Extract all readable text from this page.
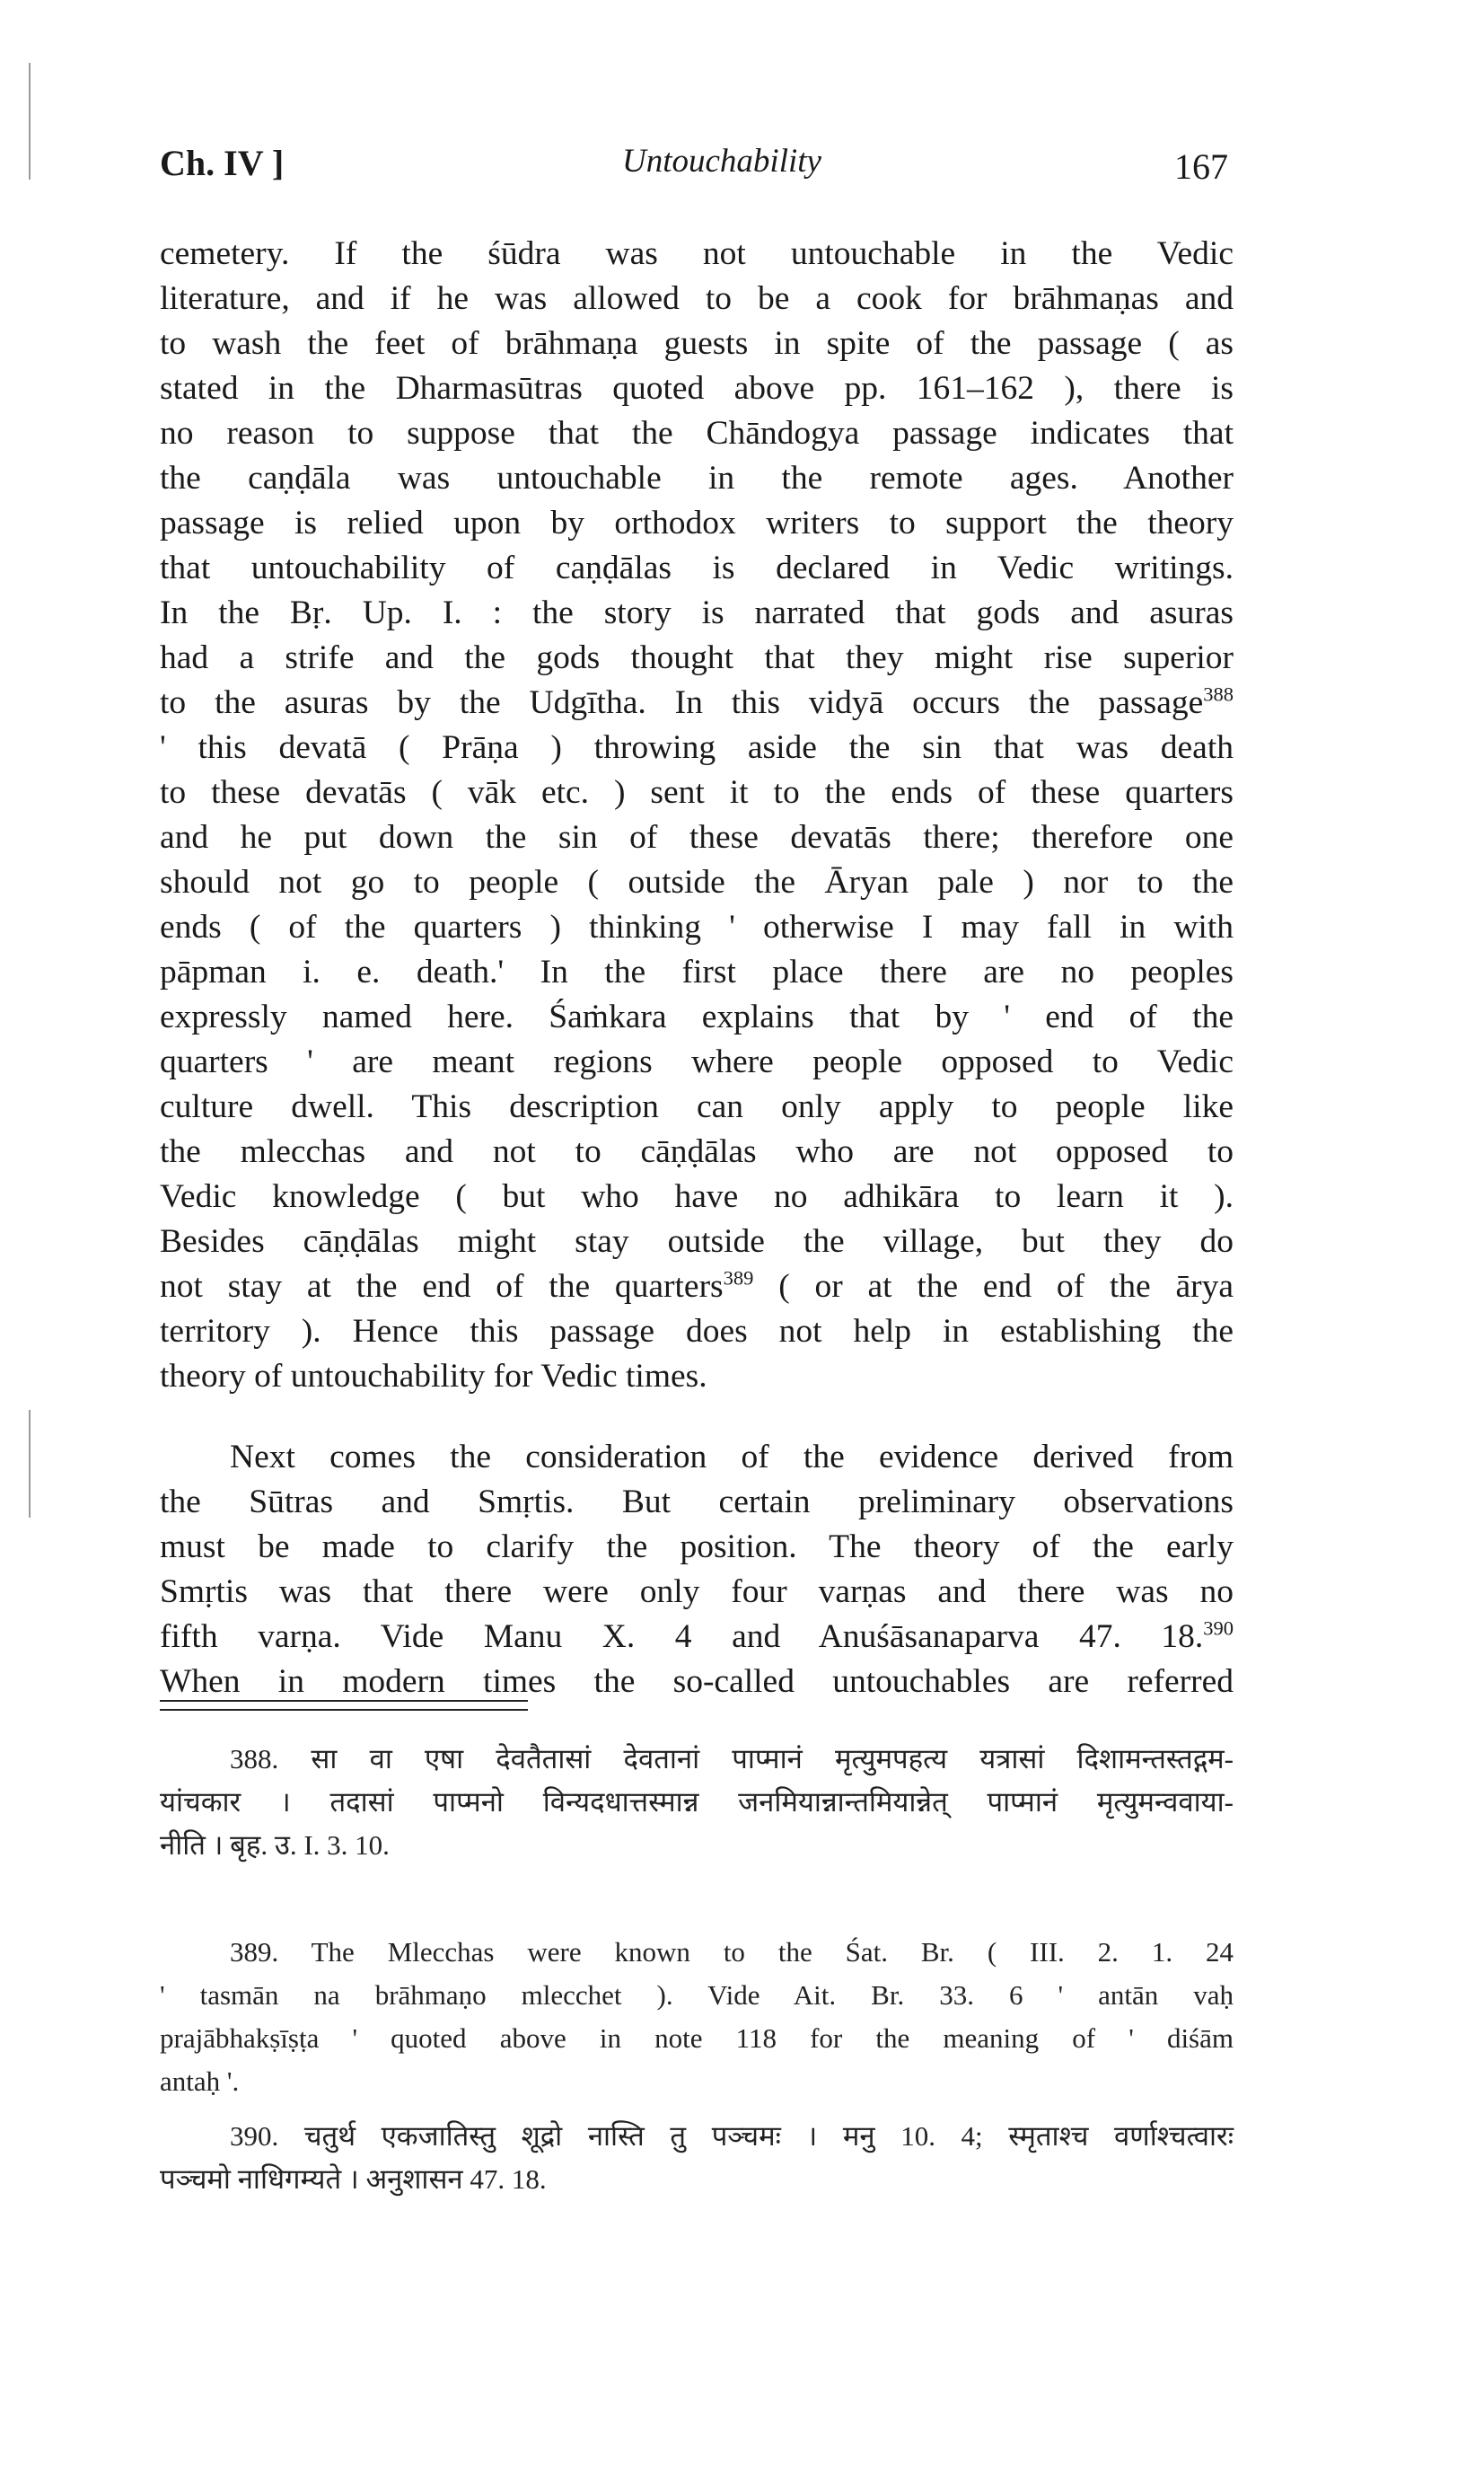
Ch. IV ]	Untouchability	167
cemetery. If the śūdra was not untouchable in the Vedic
literature, and if he was allowed to be a cook for brāhmaṇas and
to wash the feet of brāhmaṇa guests in spite of the passage ( as
stated in the Dharmasūtras quoted above pp. 161–162 ), there is
no reason to suppose that the Chāndogya passage indicates that
the caṇḍāla was untouchable in the remote ages. Another
passage is relied upon by orthodox writers to support the theory
that untouchability of caṇḍālas is declared in Vedic writings.
In the Bṛ. Up. I. : the story is narrated that gods and asuras
had a strife and the gods thought that they might rise superior
to the asuras by the Udgītha. In this vidyā occurs the passage$^{388}$
' this devatā ( Prāṇa ) throwing aside the sin that was death
to these devatās ( vāk etc. ) sent it to the ends of these quarters
and he put down the sin of these devatās there; therefore one
should not go to people ( outside the Āryan pale ) nor to the
ends ( of the quarters ) thinking ' otherwise I may fall in with
pāpman i. e. death.' In the first place there are no peoples
expressly named here. Śaṁkara explains that by ' end of the
quarters ' are meant regions where people opposed to Vedic
culture dwell. This description can only apply to people like
the mlecchas and not to cāṇḍālas who are not opposed to
Vedic knowledge ( but who have no adhikāra to learn it ).
Besides cāṇḍālas might stay outside the village, but they do
not stay at the end of the quarters$^{389}$ ( or at the end of the ārya
territory ). Hence this passage does not help in establishing the
theory of untouchability for Vedic times.
Next comes the consideration of the evidence derived from
the Sūtras and Smṛtis. But certain preliminary observations
must be made to clarify the position. The theory of the early
Smṛtis was that there were only four varṇas and there was no
fifth varṇa. Vide Manu X. 4 and Anuśāsanaparva 47. 18.$^{390}$
When in modern times the so-called untouchables are referred
388. सा वा एषा देवतैतासां देवतानां पाप्मानं मृत्युमपहत्य यत्रासां दिशामन्तस्तद्गम-
यांचकार । तदासां पाप्मनो विन्यदधात्तस्मान्न जनमियान्नान्तमियान्नेत् पाप्मानं मृत्युमन्ववाया-
नीति । बृह. उ. I. 3. 10.
389. The Mlecchas were known to the Śat. Br. ( III. 2. 1. 24
' tasmān na brāhmaṇo mlecchet ). Vide Ait. Br. 33. 6 ' antān vaḥ
prajābhakṣīṣṭa ' quoted above in note 118 for the meaning of ' diśām
antaḥ '.
390. चतुर्थ एकजातिस्तु शूद्रो नास्ति तु पञ्चमः । मनु 10. 4; स्मृताश्च वर्णाश्चत्वारः
पञ्चमो नाधिगम्यते । अनुशासन 47. 18.
